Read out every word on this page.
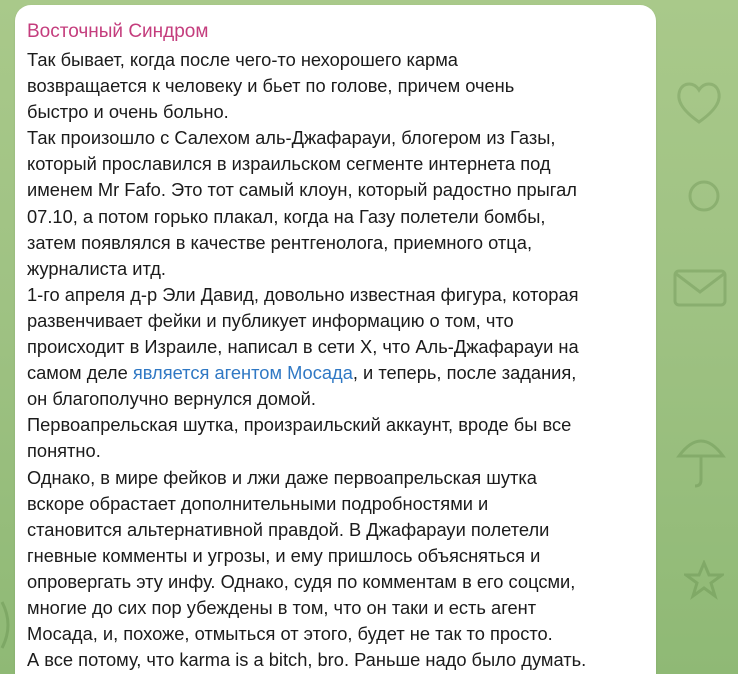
Восточный Синдром

Так бывает, когда после чего-то нехорошего карма
возвращается к человеку и бьет по голове, причем очень
быстро и очень больно.
Так произошло с Салехом аль-Джафарауи, блогером из Газы,
который прославился в израильском сегменте интернета под
именем Mr Fafo. Это тот самый клоун, который радостно прыгал
07.10, а потом горько плакал, когда на Газу полетели бомбы,
затем появлялся в качестве рентгенолога, приемного отца,
журналиста итд.
1-го апреля д-р Эли Давид, довольно известная фигура, которая
развенчивает фейки и публикует информацию о том, что
происходит в Израиле, написал в сети X, что Аль-Джафарауи на
самом деле является агентом Мосада, и теперь, после задания,
он благополучно вернулся домой.
Первоапрельская шутка, произраильский аккаунт, вроде бы все
понятно.
Однако, в мире фейков и лжи даже первоапрельская шутка
вскоре обрастает дополнительными подробностями и
становится альтернативной правдой. В Джафарауи полетели
гневные комменты и угрозы, и ему пришлось объясняться и
опровергать эту инфу. Однако, судя по комментам в его соцсми,
многие до сих пор убеждены в том, что он таки и есть агент
Мосада, и, похоже, отмыться от этого, будет не так то просто.
А все потому, что karma is a bitch, bro. Раньше надо было думать.
